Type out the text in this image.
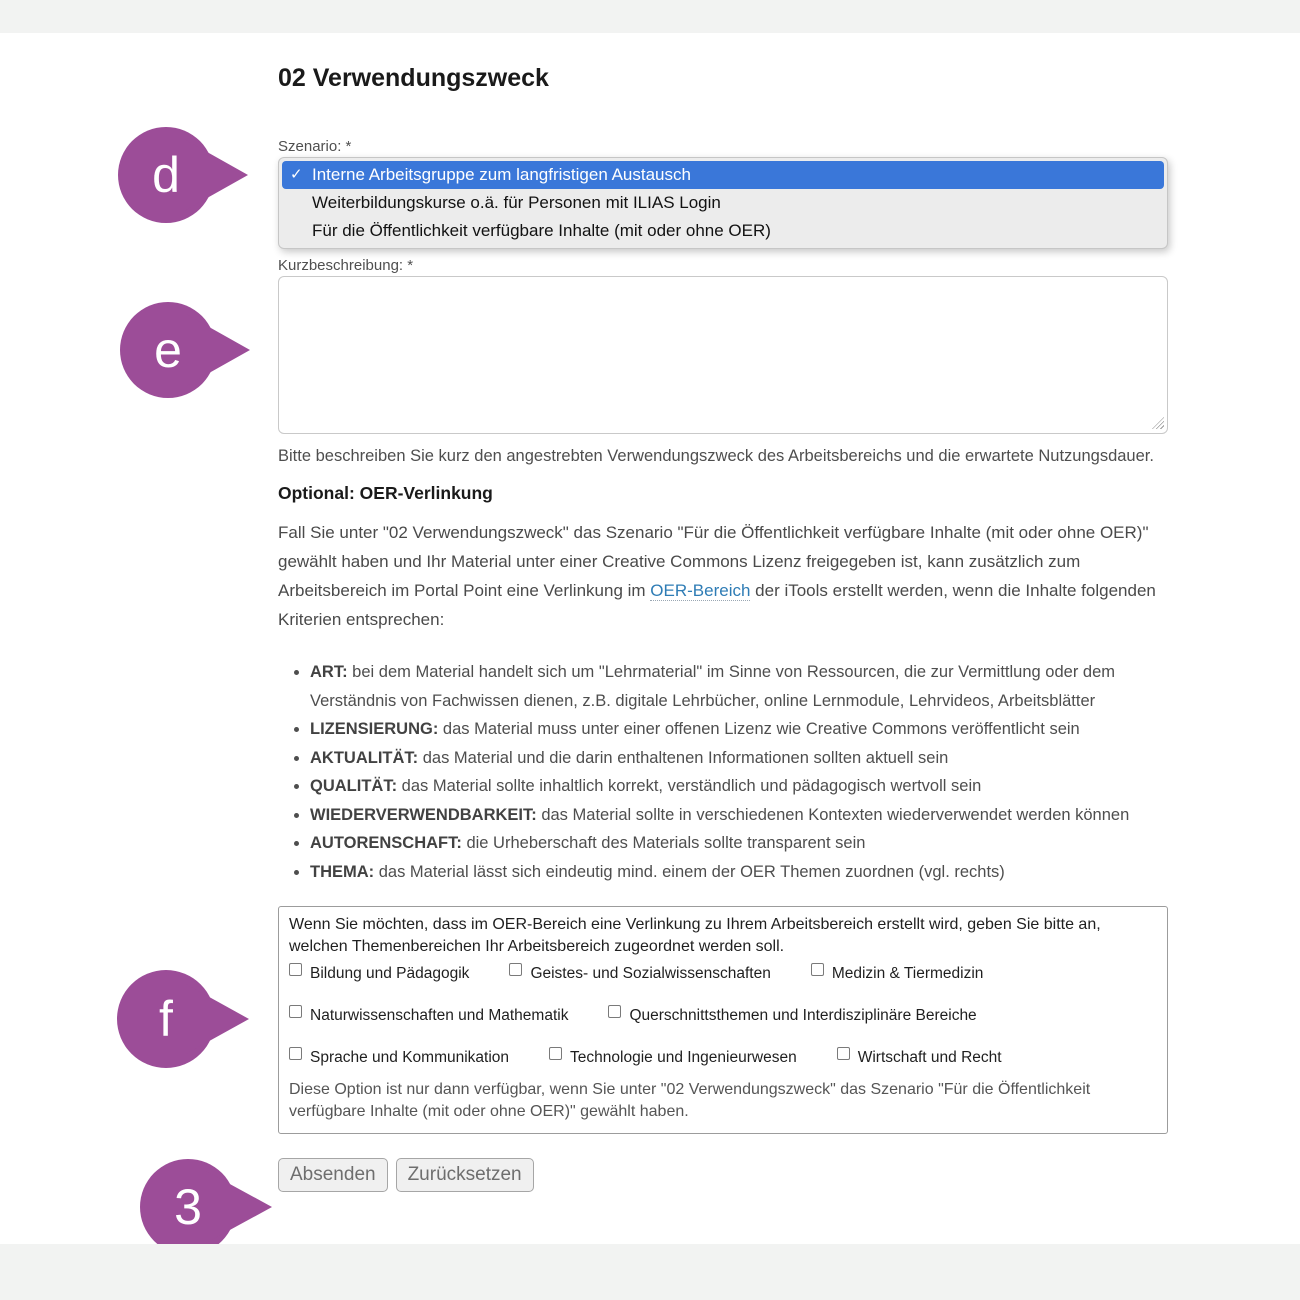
02 Verwendungszweck
Szenario: *
✓ Interne Arbeitsgruppe zum langfristigen Austausch
Weiterbildungskurse o.ä. für Personen mit ILIAS Login
Für die Öffentlichkeit verfügbare Inhalte (mit oder ohne OER)
Kurzbeschreibung: *

Bitte beschreiben Sie kurz den angestrebten Verwendungszweck des Arbeitsbereichs und die erwartete Nutzungsdauer.

Optional: OER-Verlinkung

Fall Sie unter "02 Verwendungszweck" das Szenario "Für die Öffentlichkeit verfügbare Inhalte (mit oder ohne OER)" gewählt haben und Ihr Material unter einer Creative Commons Lizenz freigegeben ist, kann zusätzlich zum Arbeitsbereich im Portal Point eine Verlinkung im OER-Bereich der iTools erstellt werden, wenn die Inhalte folgenden Kriterien entsprechen:

• ART: bei dem Material handelt sich um "Lehrmaterial" im Sinne von Ressourcen, die zur Vermittlung oder dem Verständnis von Fachwissen dienen, z.B. digitale Lehrbücher, online Lernmodule, Lehrvideos, Arbeitsblätter
• LIZENSIERUNG: das Material muss unter einer offenen Lizenz wie Creative Commons veröffentlicht sein
• AKTUALITÄT: das Material und die darin enthaltenen Informationen sollten aktuell sein
• QUALITÄT: das Material sollte inhaltlich korrekt, verständlich und pädagogisch wertvoll sein
• WIEDERVERWENDBARKEIT: das Material sollte in verschiedenen Kontexten wiederverwendet werden können
• AUTORENSCHAFT: die Urheberschaft des Materials sollte transparent sein
• THEMA: das Material lässt sich eindeutig mind. einem der OER Themen zuordnen (vgl. rechts)

Wenn Sie möchten, dass im OER-Bereich eine Verlinkung zu Ihrem Arbeitsbereich erstellt wird, geben Sie bitte an, welchen Themenbereichen Ihr Arbeitsbereich zugeordnet werden soll.

Bildung und Pädagogik	Geistes- und Sozialwissenschaften	Medizin & Tiermedizin
Naturwissenschaften und Mathematik	Querschnittsthemen und Interdisziplinäre Bereiche
Sprache und Kommunikation	Technologie und Ingenieurwesen	Wirtschaft und Recht

Diese Option ist nur dann verfügbar, wenn Sie unter "02 Verwendungszweck" das Szenario "Für die Öffentlichkeit verfügbare Inhalte (mit oder ohne OER)" gewählt haben.

Absenden	Zurücksetzen
d
e
f
3
